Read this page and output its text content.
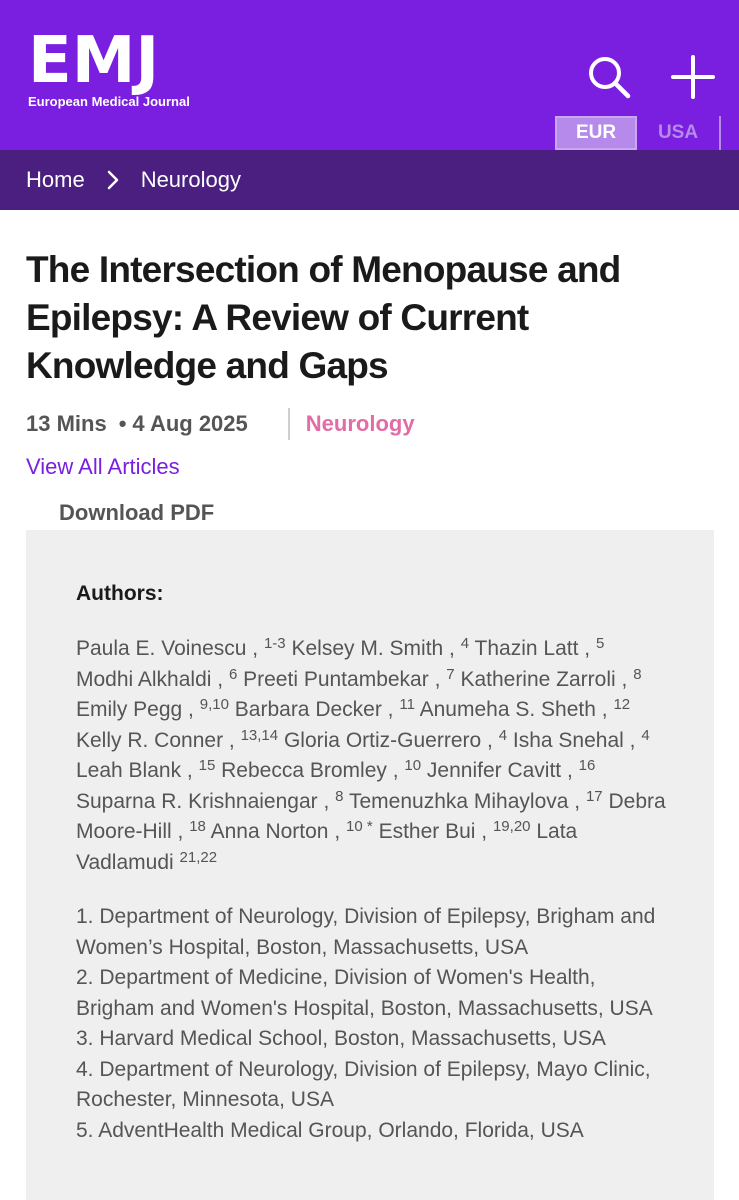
EMJ
European Medical Journal
EUR	USA
Home	Neurology
The Intersection of Menopause and Epilepsy: A Review of Current Knowledge and Gaps
13 Mins • 4 Aug 2025	Neurology
View All Articles
Download PDF
Authors:
Paula E. Voinescu , $^{1-3}$ Kelsey M. Smith , $^4$ Thazin Latt , $^5$ Modhi Alkhaldi , $^6$ Preeti Puntambekar , $^7$ Katherine Zarroli , $^8$ Emily Pegg , $^{9,10}$ Barbara Decker , $^{11}$ Anumeha S. Sheth , $^{12}$ Kelly R. Conner , $^{13,14}$ Gloria Ortiz-Guerrero , $^4$ Isha Snehal , $^4$ Leah Blank , $^{15}$ Rebecca Bromley , $^{10}$ Jennifer Cavitt , $^{16}$ Suparna R. Krishnaiengar , $^8$ Temenuzhka Mihaylova , $^{17}$ Debra Moore-Hill , $^{18}$ Anna Norton , $^{10 *}$ Esther Bui , $^{19,20}$ Lata Vadlamudi $^{21,22}$
1. Department of Neurology, Division of Epilepsy, Brigham and Women’s Hospital, Boston, Massachusetts, USA
2. Department of Medicine, Division of Women's Health, Brigham and Women's Hospital, Boston, Massachusetts, USA
3. Harvard Medical School, Boston, Massachusetts, USA
4. Department of Neurology, Division of Epilepsy, Mayo Clinic, Rochester, Minnesota, USA
5. AdventHealth Medical Group, Orlando, Florida, USA
